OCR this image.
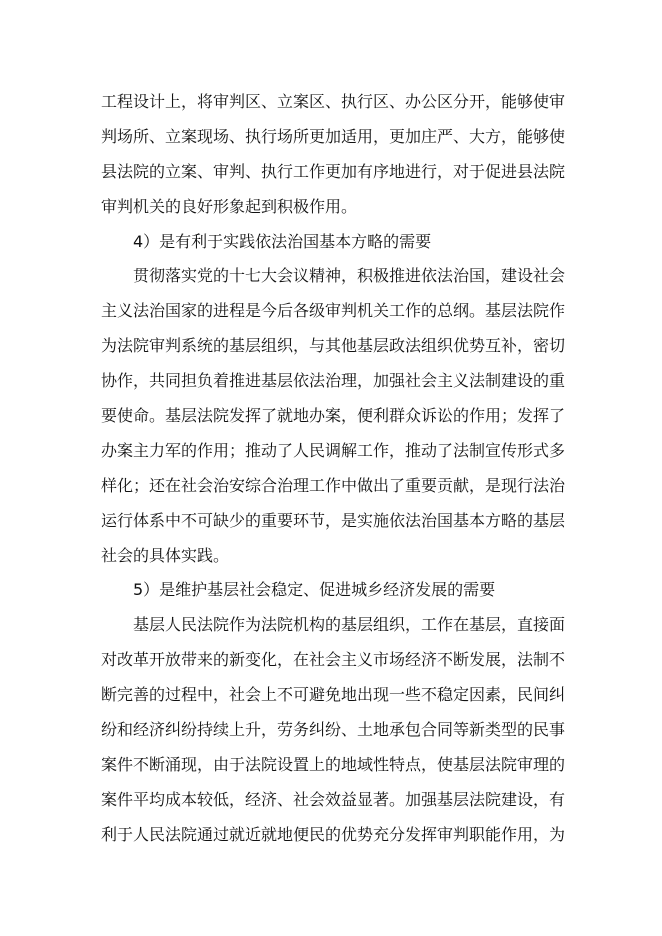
工程设计上，将审判区、立案区、执行区、办公区分开，能够使审
判场所、立案现场、执行场所更加适用，更加庄严、大方，能够使
县法院的立案、审判、执行工作更加有序地进行，对于促进县法院
审判机关的良好形象起到积极作用。
4）是有利于实践依法治国基本方略的需要
贯彻落实党的十七大会议精神，积极推进依法治国，建设社会
主义法治国家的进程是今后各级审判机关工作的总纲。基层法院作
为法院审判系统的基层组织，与其他基层政法组织优势互补，密切
协作，共同担负着推进基层依法治理，加强社会主义法制建设的重
要使命。基层法院发挥了就地办案，便利群众诉讼的作用；发挥了
办案主力军的作用；推动了人民调解工作，推动了法制宣传形式多
样化；还在社会治安综合治理工作中做出了重要贡献，是现行法治
运行体系中不可缺少的重要环节，是实施依法治国基本方略的基层
社会的具体实践。
5）是维护基层社会稳定、促进城乡经济发展的需要
基层人民法院作为法院机构的基层组织，工作在基层，直接面
对改革开放带来的新变化，在社会主义市场经济不断发展，法制不
断完善的过程中，社会上不可避免地出现一些不稳定因素，民间纠
纷和经济纠纷持续上升，劳务纠纷、土地承包合同等新类型的民事
案件不断涌现，由于法院设置上的地域性特点，使基层法院审理的
案件平均成本较低，经济、社会效益显著。加强基层法院建设，有
利于人民法院通过就近就地便民的优势充分发挥审判职能作用，为
